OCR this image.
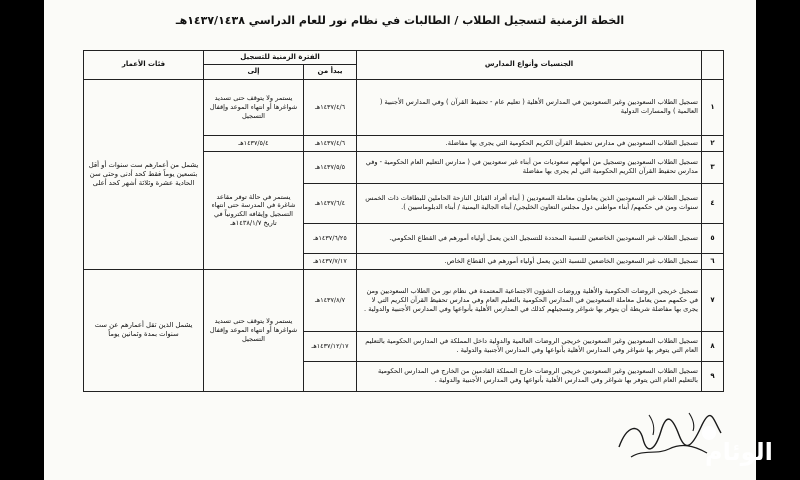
الخطة الزمنية لتسجيل الطلاب / الطالبات في نظام نور للعام الدراسي ١٤٣٧/١٤٣٨هـ
	الجنسيات وأنواع المدارس	الفترة الزمنية للتسجيل		فئات الأعمار
		يبدأ من	إلى	
١	تسجيل الطلاب السعوديين وغير السعوديين في المدارس الأهلية ( تعليم عام - تحفيظ القرآن ) وفي المدارس الأجنبية ( العالمية ) والمسارات الدولية	١٤٣٧/٤/٦هـ	يستمر ولا يتوقف حتى تسديد شواغرها أو انتهاء الموعد وإقفال التسجيل	يشمل من أعمارهم ست سنوات أو أقل بتسعين يوماً فقط كحد أدنى وحتى سن الحادية عشرة وثلاثة أشهر كحد أعلى
٢	تسجيل الطلاب السعوديين في مدارس تحفيظ القرآن الكريم الحكومية التي يجرى بها مفاضلة.	١٤٣٧/٤/٦هـ	١٤٣٧/٥/٤هـ	
٣	تسجيل الطلاب السعوديين وتسجيل من أمهاتهم سعوديات من أبناء غير سعوديين في ( مدارس التعليم العام الحكومية - وفي مدارس تحفيظ القرآن الكريم الحكومية التي لم يجرى بها مفاضلة	١٤٣٧/٥/٥هـ	يستمر في حالة توفر مقاعد شاغرة في المدرسة حتى انتهاء التسجيل وإيقافه الكترونياً في تاريخ ١٤٣٨/١/٧هـ	
٤	تسجيل الطلاب غير السعوديين الذين يعاملون معاملة السعوديين ( أبناء أفراد القبائل النازحة الحاملين للبطاقات ذات الخمس سنوات ومن في حكمهم/ أبناء مواطني دول مجلس التعاون الخليجي/ أبناء الجالية اليمنية / أبناء الدبلوماسيين ).	١٤٣٧/٦/٤هـ		
٥	تسجيل الطلاب غير السعوديين الخاضعين للنسبة المحددة للتسجيل الذين يعمل أولياء أمورهم في القطاع الحكومي.	١٤٣٧/٦/٢٥هـ		
٦	تسجيل الطلاب غير السعوديين الخاضعين للنسبة الذين يعمل أولياء أمورهم في القطاع الخاص.	١٤٣٧/٧/١٧هـ		
٧	تسجيل خريجي الروضات الحكومية والأهلية وروضات الشؤون الاجتماعية المعتمدة في نظام نور من الطلاب السعوديين ومن في حكمهم ممن يعامل معاملة السعوديين في المدارس الحكومية بالتعليم العام وفي مدارس تحفيظ القرآن الكريم التي لا يجرى بها مفاضلة شريطة أن يتوفر بها شواغر وتسجيلهم كذلك في المدارس الأهلية بأنواعها وفي المدارس الأجنبية والدولية .	١٤٣٧/٨/٧هـ	يستمر ولا يتوقف حتى تسديد شواغرها أو انتهاء الموعد وإقفال التسجيل	يشمل الذين تقل أعمارهم عن ست سنوات بمدة وثمانين يوماً
٨	تسجيل الطلاب السعوديين وغير السعوديين خريجي الروضات العالمية والدولية داخل المملكة في المدارس الحكومية بالتعليم العام التي يتوفر بها شواغر وفي المدارس الأهلية بأنواعها وفي المدارس الأجنبية والدولية .	١٤٣٧/١٢/١٧هـ		
٩	تسجيل الطلاب السعوديين وغير السعوديين خريجي الروضات خارج المملكة القادمين من الخارج في المدارس الحكومية بالتعليم العام التي يتوفر بها شواغر وفي المدارس الأهلية بأنواعها وفي المدارس الأجنبية والدولية .			
الوئام
